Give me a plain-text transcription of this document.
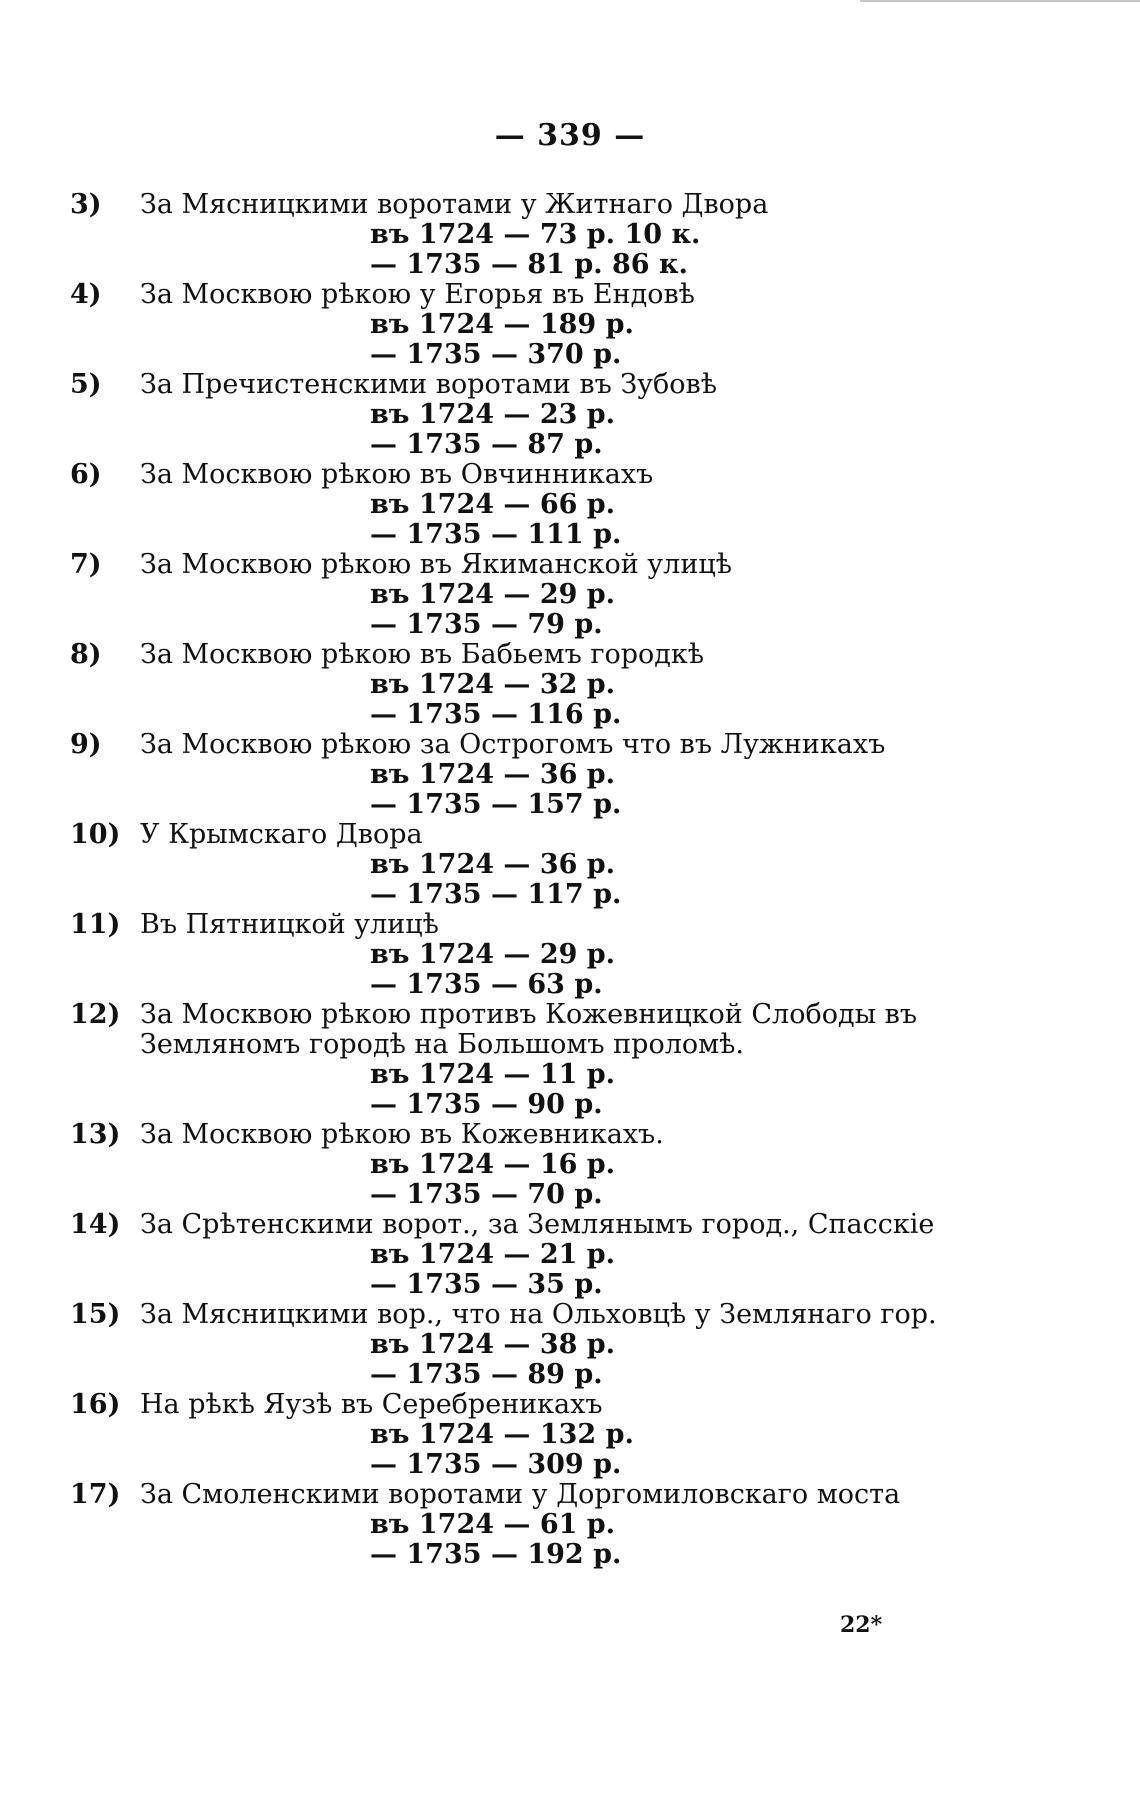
— 339 —
3) За Мясницкими воротами у Житнаго Двора
въ 1724 — 73 р. 10 к.
— 1735 — 81 р. 86 к.
4) За Москвою рѣкою у Егорья въ Ендовѣ
въ 1724 — 189 р.
— 1735 — 370 р.
5) За Пречистенскими воротами въ Зубовѣ
въ 1724 — 23 р.
— 1735 — 87 р.
6) За Москвою рѣкою въ Овчинникахъ
въ 1724 — 66 р.
— 1735 — 111 р.
7) За Москвою рѣкою въ Якиманской улицѣ
въ 1724 — 29 р.
— 1735 — 79 р.
8) За Москвою рѣкою въ Бабьемъ городкѣ
въ 1724 — 32 р.
— 1735 — 116 р.
9) За Москвою рѣкою за Острогомъ что въ Лужникахъ
въ 1724 — 36 р.
— 1735 — 157 р.
10) У Крымскаго Двора
въ 1724 — 36 р.
— 1735 — 117 р.
11) Въ Пятницкой улицѣ
въ 1724 — 29 р.
— 1735 — 63 р.
12) За Москвою рѣкою противъ Кожевницкой Слободы въ
Земляномъ городѣ на Большомъ проломѣ.
въ 1724 — 11 р.
— 1735 — 90 р.
13) За Москвою рѣкою въ Кожевникахъ.
въ 1724 — 16 р.
— 1735 — 70 р.
14) За Срѣтенскими ворот., за Землянымъ город., Спасскіе
въ 1724 — 21 р.
— 1735 — 35 р.
15) За Мясницкими вор., что на Ольховцѣ у Землянаго гор.
въ 1724 — 38 р.
— 1735 — 89 р.
16) На рѣкѣ Яузѣ въ Серебреникахъ
въ 1724 — 132 р.
— 1735 — 309 р.
17) За Смоленскими воротами у Доргомиловскаго моста
въ 1724 — 61 р.
— 1735 — 192 р.
22*
